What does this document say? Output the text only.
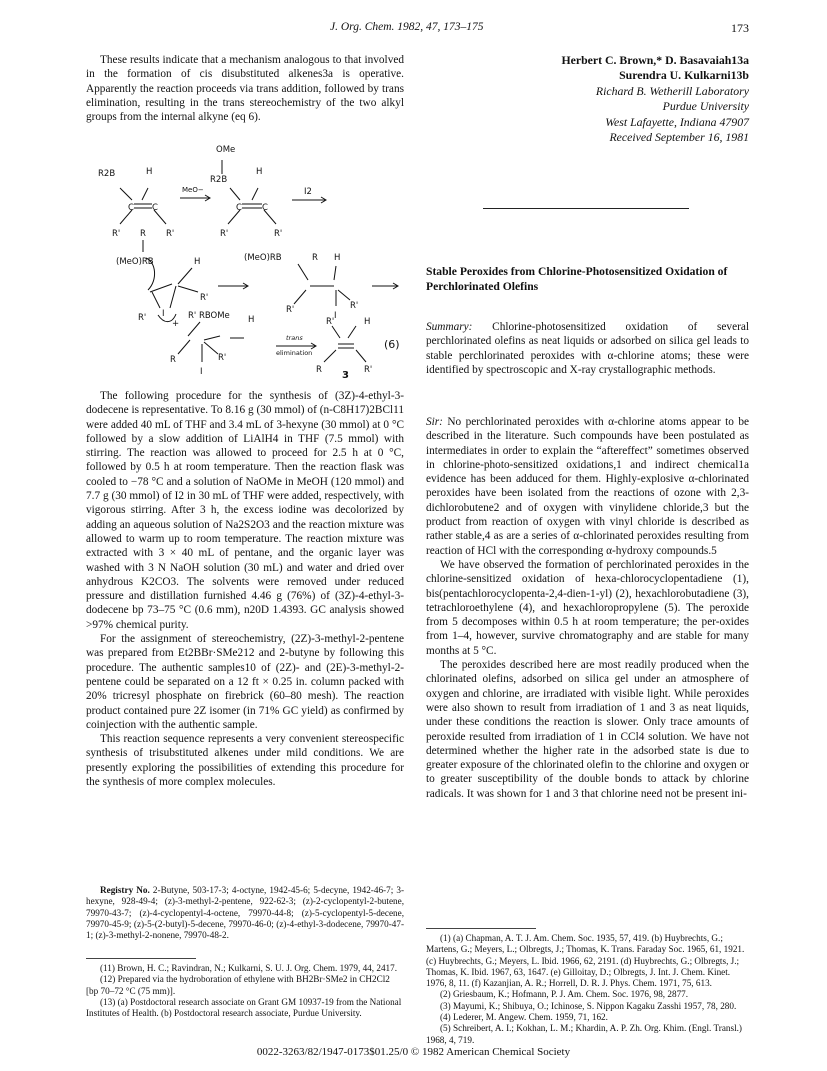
J. Org. Chem. 1982, 47, 173–175	173

These results indicate that a mechanism analogous to that involved in the formation of cis disubstituted alkenes3a is operative. Apparently the reaction proceeds via trans addition, followed by trans elimination, resulting in the trans stereochemistry of the two alkyl groups from the internal alkyne (eq 6).

OMe
R2B	H
C C
R'	R'
MeO−
R2B
H
C C
R'	R'
I2
R
(MeO)RB	H
R'
R'
I
+
(MeO)RB	R H
R'	R'
I
R' RBOMe H
R	R'
I
trans
elimination
R'	H
R	R'
(6)
3

The following procedure for the synthesis of (3Z)-4-ethyl-3-dodecene is representative. To 8.16 g (30 mmol) of (n-C8H17)2BCl11 were added 40 mL of THF and 3.4 mL of 3-hexyne (30 mmol) at 0 °C followed by a slow addition of LiAlH4 in THF (7.5 mmol) with stirring. The reaction was allowed to proceed for 2.5 h at 0 °C, followed by 0.5 h at room temperature. Then the reaction flask was cooled to −78 °C and a solution of NaOMe in MeOH (120 mmol) and 7.7 g (30 mmol) of I2 in 30 mL of THF were added, respectively, with vigorous stirring. After 3 h, the excess iodine was decolorized by adding an aqueous solution of Na2S2O3 and the reaction mixture was allowed to warm up to room temperature. The reaction mixture was extracted with 3 × 40 mL of pentane, and the organic layer was washed with 3 N NaOH solution (30 mL) and water and dried over anhydrous K2CO3. The solvents were removed under reduced pressure and distillation furnished 4.46 g (76%) of (3Z)-4-ethyl-3-dodecene bp 73–75 °C (0.6 mm), n20D 1.4393. GC analysis showed >97% chemical purity.

For the assignment of stereochemistry, (2Z)-3-methyl-2-pentene was prepared from Et2BBr·SMe212 and 2-butyne by following this procedure. The authentic samples10 of (2Z)- and (2E)-3-methyl-2-pentene could be separated on a 12 ft × 0.25 in. column packed with 20% tricresyl phosphate on firebrick (60–80 mesh). The reaction product contained pure 2Z isomer (in 71% GC yield) as confirmed by coinjection with the authentic sample.

This reaction sequence represents a very convenient stereospecific synthesis of trisubstituted alkenes under mild conditions. We are presently exploring the possibilities of extending this procedure for the synthesis of more complex molecules.

Registry No. 2-Butyne, 503-17-3; 4-octyne, 1942-45-6; 5-decyne, 1942-46-7; 3-hexyne, 928-49-4; (z)-3-methyl-2-pentene, 922-62-3; (z)-2-cyclopentyl-2-butene, 79970-43-7; (z)-4-cyclopentyl-4-octene, 79970-44-8; (z)-5-cyclopentyl-5-decene, 79970-45-9; (z)-5-(2-butyl)-5-decene, 79970-46-0; (z)-4-ethyl-3-dodecene, 79970-47-1; (z)-3-methyl-2-nonene, 79970-48-2.

(11) Brown, H. C.; Ravindran, N.; Kulkarni, S. U. J. Org. Chem. 1979, 44, 2417.

(12) Prepared via the hydroboration of ethylene with BH2Br·SMe2 in CH2Cl2 [bp 70–72 °C (75 mm)].

(13) (a) Postdoctoral research associate on Grant GM 10937-19 from the National Institutes of Health. (b) Postdoctoral research associate, Purdue University.

Herbert C. Brown,* D. Basavaiah13a
Surendra U. Kulkarni13b
Richard B. Wetherill Laboratory
Purdue University
West Lafayette, Indiana 47907
Received September 16, 1981
Stable Peroxides from Chlorine-Photosensitized Oxidation of Perchlorinated Olefins
Summary: Chlorine-photosensitized oxidation of several perchlorinated olefins as neat liquids or adsorbed on silica gel leads to stable perchlorinated peroxides with α-chlorine atoms; these were identified by spectroscopic and X-ray crystallographic methods.

Sir: No perchlorinated peroxides with α-chlorine atoms appear to be described in the literature. Such compounds have been postulated as intermediates in order to explain the “aftereffect” sometimes observed in chlorine-photo-sensitized oxidations,1 and indirect chemical1a evidence has been adduced for them. Highly-explosive α-chlorinated peroxides have been isolated from the reactions of ozone with 2,3-dichlorobutene2 and of oxygen with vinylidene chloride,3 but the product from reaction of oxygen with vinyl chloride is described as rather stable,4 as are a series of α-chlorinated peroxides resulting from reaction of HCl with the corresponding α-hydroxy compounds.5

We have observed the formation of perchlorinated peroxides in the chlorine-sensitized oxidation of hexa-chlorocyclopentadiene (1), bis(pentachlorocyclopenta-2,4-dien-1-yl) (2), hexachlorobutadiene (3), tetrachloroethylene (4), and hexachloropropylene (5). The peroxide from 5 decomposes within 0.5 h at room temperature; the per-oxides from 1–4, however, survive chromatography and are stable for many months at 5 °C.

The peroxides described here are most readily produced when the chlorinated olefins, adsorbed on silica gel under an atmosphere of oxygen and chlorine, are irradiated with visible light. While peroxides were also shown to result from irradiation of 1 and 3 as neat liquids, under these conditions the reaction is slower. Only trace amounts of peroxide resulted from irradiation of 1 in CCl4 solution. We have not determined whether the higher rate in the adsorbed state is due to greater exposure of the chlorinated olefin to the chlorine and oxygen or to greater susceptibility of the double bonds to attack by chlorine radicals. It was shown for 1 and 3 that chlorine need not be present ini-

(1) (a) Chapman, A. T. J. Am. Chem. Soc. 1935, 57, 419. (b) Huybrechts, G.; Martens, G.; Meyers, L.; Olbregts, J.; Thomas, K. Trans. Faraday Soc. 1965, 61, 1921. (c) Huybrechts, G.; Meyers, L. Ibid. 1966, 62, 2191. (d) Huybrechts, G.; Olbregts, J.; Thomas, K. Ibid. 1967, 63, 1647. (e) Gilloitay, D.; Olbregts, J. Int. J. Chem. Kinet. 1976, 8, 11. (f) Kazanjian, A. R.; Horrell, D. R. J. Phys. Chem. 1971, 75, 613.

(2) Griesbaum, K.; Hofmann, P. J. Am. Chem. Soc. 1976, 98, 2877.

(3) Mayumi, K.; Shibuya, O.; Ichinose, S. Nippon Kagaku Zasshi 1957, 78, 280.

(4) Lederer, M. Angew. Chem. 1959, 71, 162.

(5) Schreibert, A. I.; Kokhan, L. M.; Khardin, A. P. Zh. Org. Khim. (Engl. Transl.) 1968, 4, 719.

0022-3263/82/1947-0173$01.25/0 © 1982 American Chemical Society
